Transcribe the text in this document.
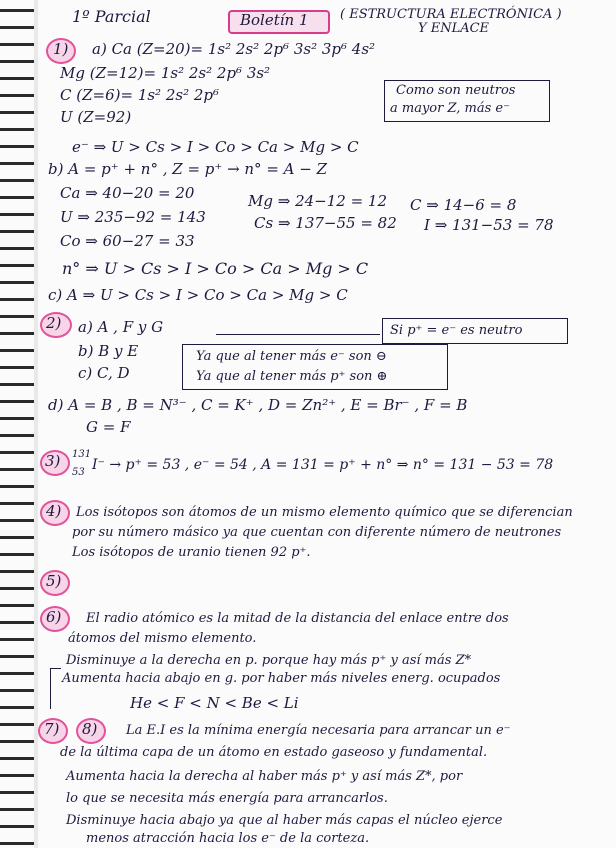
1º Parcial	Boletín 1 ( ESTRUCTURA ELECTRÓNICA )
Y ENLACE
1) a) Ca (Z=20)= 1s² 2s² 2p⁶ 3s² 3p⁶ 4s²
Mg (Z=12)= 1s² 2s² 2p⁶ 3s²
C (Z=6)= 1s² 2s² 2p⁶
U (Z=92)
Como son neutros
a mayor Z, más e⁻
e⁻ ⇒ U > Cs > I > Co > Ca > Mg > C
b) A = p⁺ + n° , Z = p⁺ → n° = A − Z
Ca ⇒ 40−20 = 20	Mg ⇒ 24−12 = 12 C ⇒ 14−6 = 8
U ⇒ 235−92 = 143	Cs ⇒ 137−55 = 82 I ⇒ 131−53 = 78
Co ⇒ 60−27 = 33
n° ⇒ U > Cs > I > Co > Ca > Mg > C
c) A ⇒ U > Cs > I > Co > Ca > Mg > C
2) a) A , F y G	Si p⁺ = e⁻ es neutro
b) B y E
c) C, D
Ya que al tener más e⁻ son ⊖
Ya que al tener más p⁺ son ⊕
d) A = B , B = N³⁻ , C = K⁺ , D = Zn²⁺ , E = Br⁻ , F = B
G = F
3) 131
53 I⁻ → p⁺ = 53 , e⁻ = 54 , A = 131 = p⁺ + n° ⇒ n° = 131 − 53 = 78
4) Los isótopos son átomos de un mismo elemento químico que se diferencian
por su número másico ya que cuentan con diferente número de neutrones
Los isótopos de uranio tienen 92 p⁺.
5)
6) El radio atómico es la mitad de la distancia del enlace entre dos
átomos del mismo elemento.
Disminuye a la derecha en p. porque hay más p⁺ y así más Z*
Aumenta hacia abajo en g. por haber más niveles energ. ocupados
He < F < N < Be < Li
7) 8) La E.I es la mínima energía necesaria para arrancar un e⁻
de la última capa de un átomo en estado gaseoso y fundamental.
Aumenta hacia la derecha al haber más p⁺ y así más Z*, por
lo que se necesita más energía para arrancarlos.
Disminuye hacia abajo ya que al haber más capas el núcleo ejerce
menos atracción hacia los e⁻ de la corteza.
